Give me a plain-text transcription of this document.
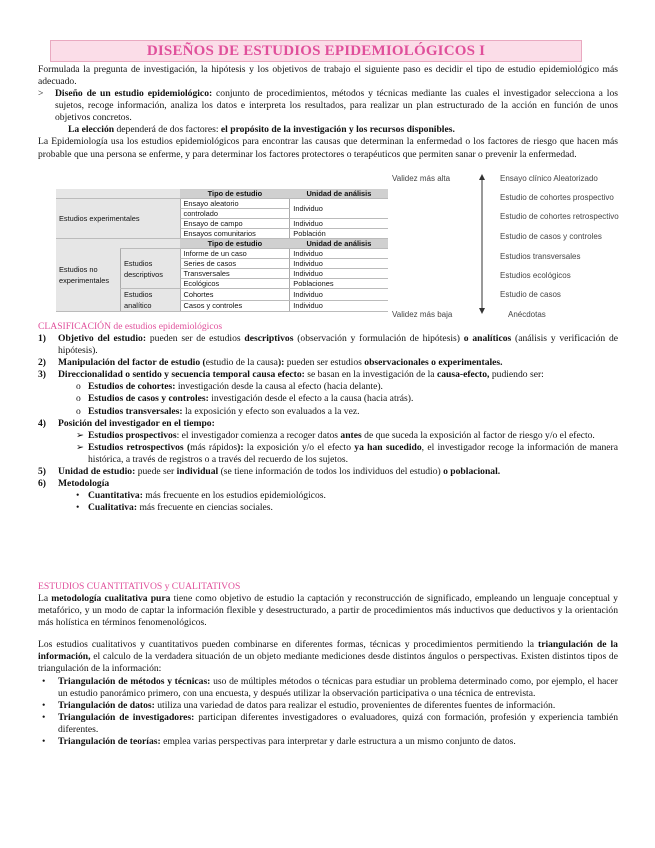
DISEÑOS DE ESTUDIOS EPIDEMIOLÓGICOS I

Formulada la pregunta de investigación, la hipótesis y los objetivos de trabajo el siguiente paso es decidir el tipo de estudio epidemiológico más adecuado.

>	Diseño de un estudio epidemiológico: conjunto de procedimientos, métodos y técnicas mediante las cuales el investigador selecciona a los sujetos, recoge información, analiza los datos e interpreta los resultados, para realizar un plan estructurado de la acción en función de unos objetivos concretos.

La elección dependerá de dos factores: el propósito de la investigación y los recursos disponibles.

La Epidemiología usa los estudios epidemiológicos para encontrar las causas que determinan la enfermedad o los factores de riesgo que hacen más probable que una persona se enferme, y para determinar los factores protectores o terapéuticos que permiten sanar o prevenir la enfermedad.

		Tipo de estudio	Unidad de análisis
Estudios experimentales		Ensayo aleatorio	Individuo
		controlado	
		Ensayo de campo	Individuo
		Ensayos comunitarios	Población
Estudios no experimentales		Tipo de estudio	Unidad de análisis
	Estudios descriptivos	Informe de un caso	Individuo
		Series de casos	Individuo
		Transversales	Individuo
		Ecológicos	Poblaciones
	Estudios analítico	Cohortes	Individuo
		Casos y controles	Individuo
CLASIFICACIÓN de estudios epidemiológicos
1)	Objetivo del estudio: pueden ser de estudios descriptivos (observación y formulación de hipótesis) o analíticos (análisis y verificación de hipótesis).

2)	Manipulación del factor de estudio (estudio de la causa): pueden ser estudios observacionales o experimentales.

3)	Direccionalidad o sentido y secuencia temporal causa efecto: se basan en la investigación de la causa-efecto, pudiendo ser:

o Estudios de cohortes: investigación desde la causa al efecto (hacia delante).

o Estudios de casos y controles: investigación desde el efecto a la causa (hacia atrás).

o Estudios transversales: la exposición y efecto son evaluados a la vez.

4)	Posición del investigador en el tiempo:

➢ Estudios prospectivos: el investigador comienza a recoger datos antes de que suceda la exposición al factor de riesgo y/o el efecto.

➢ Estudios retrospectivos (más rápidos): la exposición y/o el efecto ya han sucedido, el investigador recoge la información de manera histórica, a través de registros o a través del recuerdo de los sujetos.

5)	Unidad de estudio: puede ser individual (se tiene información de todos los individuos del estudio) o poblacional.

6)	Metodología

• Cuantitativa: más frecuente en los estudios epidemiológicos.

• Cualitativa: más frecuente en ciencias sociales.

ESTUDIOS CUANTITATIVOS y CUALITATIVOS

La metodología cualitativa pura tiene como objetivo de estudio la captación y reconstrucción de significado, empleando un lenguaje conceptual y metafórico, y un modo de captar la información flexible y desestructurado, a partir de procedimientos más inductivos que deductivos y la orientación más holística en términos fenomenológicos.

Los estudios cualitativos y cuantitativos pueden combinarse en diferentes formas, técnicas y procedimientos permitiendo la triangulación de la información, el calculo de la verdadera situación de un objeto mediante mediciones desde distintos ángulos o perspectivas. Existen distintos tipos de triangulación de la información:

•	Triangulación de métodos y técnicas: uso de múltiples métodos o técnicas para estudiar un problema determinado como, por ejemplo, el hacer un estudio panorámico primero, con una encuesta, y después utilizar la observación participativa o una técnica de entrevista.

•	Triangulación de datos: utiliza una variedad de datos para realizar el estudio, provenientes de diferentes fuentes de información.

•	Triangulación de investigadores: participan diferentes investigadores o evaluadores, quizá con formación, profesión y experiencia también diferentes.

•	Triangulación de teorías: emplea varias perspectivas para interpretar y darle estructura a un mismo conjunto de datos.

Validez más alta
Validez más baja
Ensayo clínico Aleatorizado
Estudio de cohortes prospectivo
Estudio de cohortes retrospectivo
Estudio de casos y controles
Estudios transversales
Estudios ecológicos
Estudio de casos
Anécdotas
